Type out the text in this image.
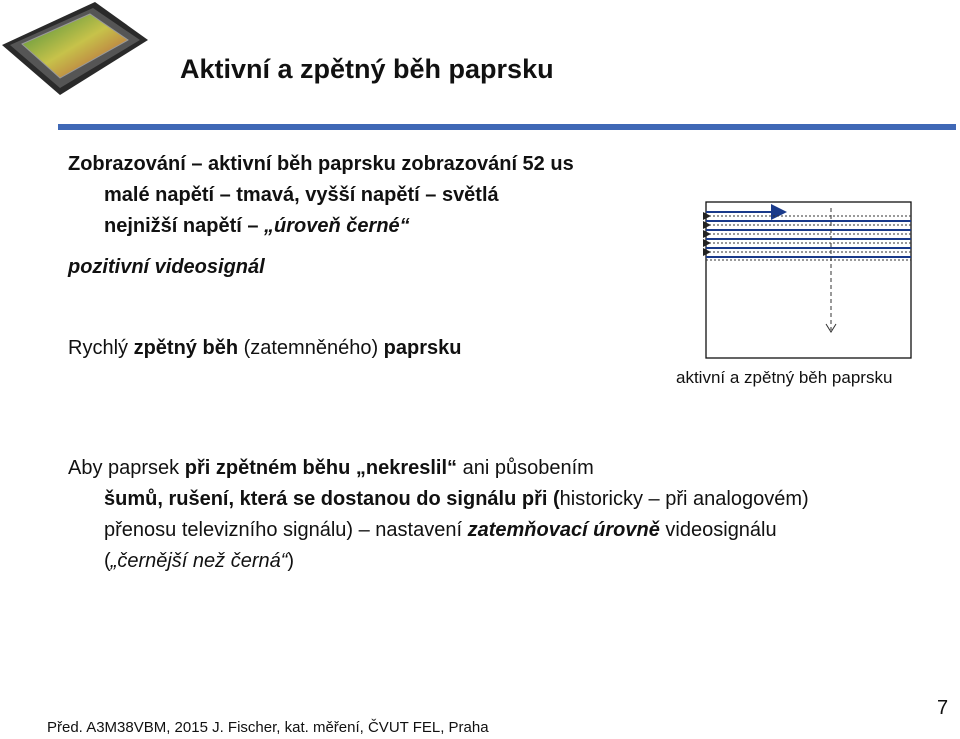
Aktivní a zpětný běh paprsku
Zobrazování – aktivní běh paprsku zobrazování 52 us
malé napětí – tmavá, vyšší napětí – světlá
nejnižší napětí – „úroveň černé“
pozitivní videosignál
Rychlý zpětný běh (zatemněného) paprsku
aktivní a zpětný běh paprsku
Aby paprsek při zpětném běhu „nekreslil“ ani působením
šumů, rušení, která se dostanou do signálu při (historicky – při analogovém)
přenosu televizního signálu) – nastavení zatemňovací úrovně videosignálu
(„černější než černá“)
Před. A3M38VBM, 2015 J. Fischer, kat. měření, ČVUT FEL, Praha
7
